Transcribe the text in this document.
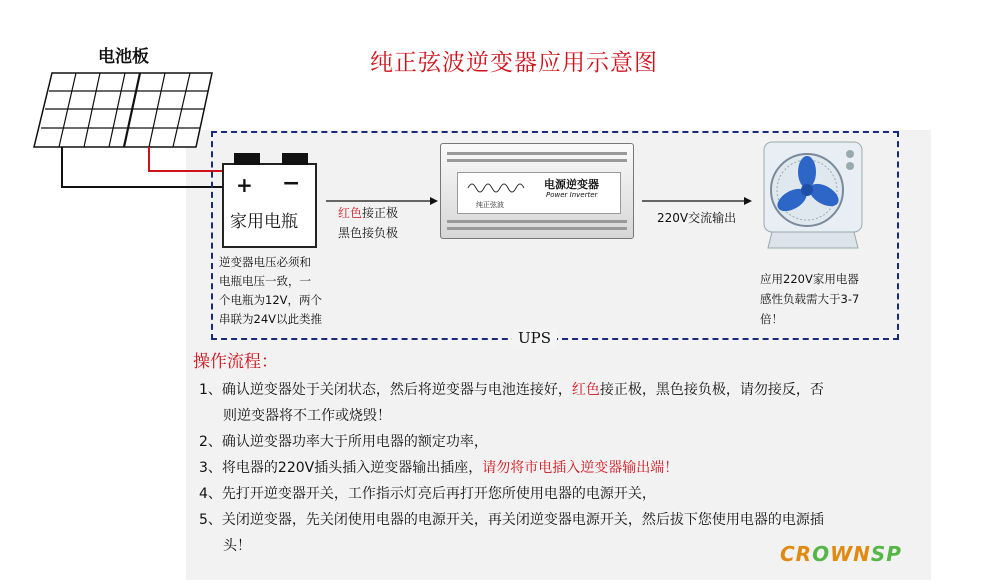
纯正弦波逆变器应用示意图
电池板
UPS
+ −
家用电瓶
逆变器电压必须和
电瓶电压一致，一
个电瓶为12V，两个
串联为24V以此类推
红色接正极
黑色接负极
电源逆变器
Power Inverter
纯正弦波
220V交流输出
应用220V家用电器
感性负载需大于3-7
倍！
操作流程：
1、确认逆变器处于关闭状态，然后将逆变器与电池连接好，红色接正极，黑色接负极，请勿接反，否
则逆变器将不工作或烧毁！
2、确认逆变器功率大于所用电器的额定功率，
3、将电器的220V插头插入逆变器输出插座，请勿将市电插入逆变器输出端！
4、先打开逆变器开关，工作指示灯亮后再打开您所使用电器的电源开关，
5、关闭逆变器，先关闭使用电器的电源开关，再关闭逆变器电源开关，然后拔下您使用电器的电源插
头！	CROWNSP
